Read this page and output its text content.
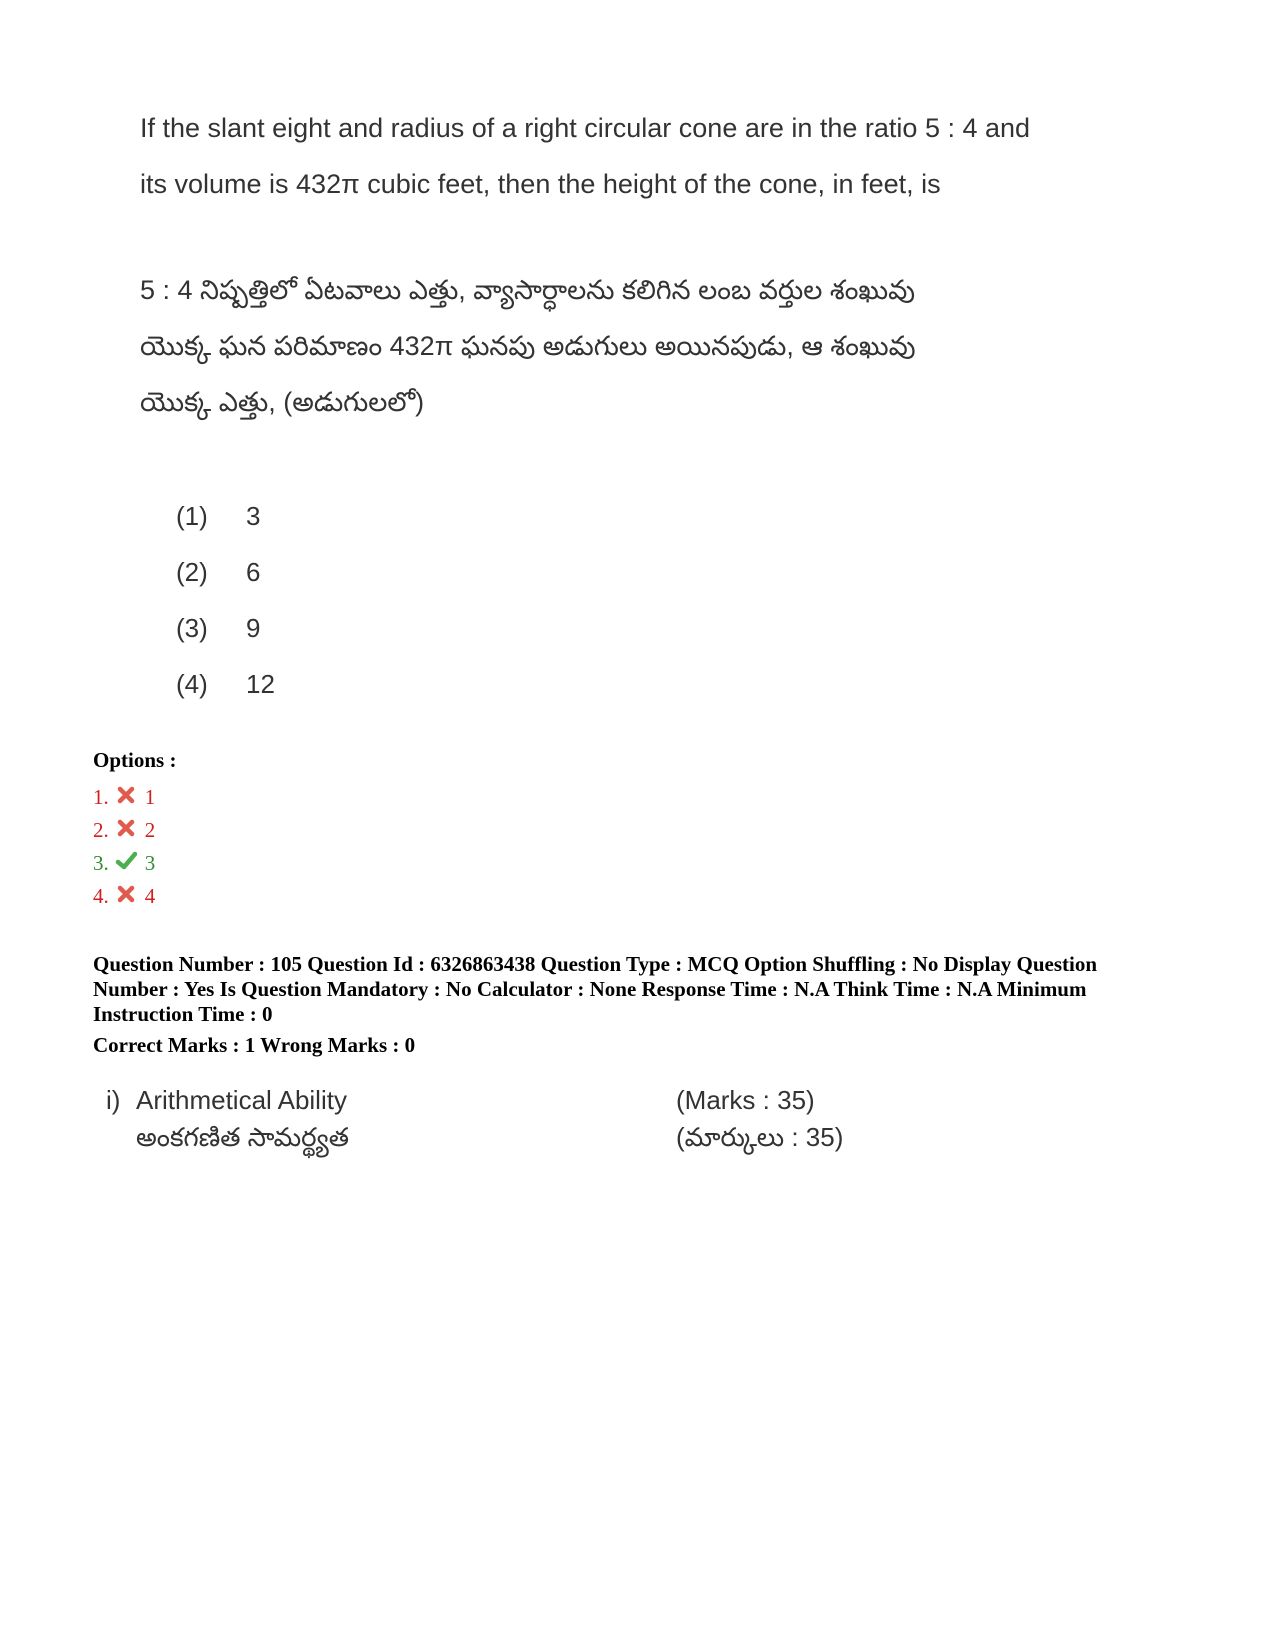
If the slant eight and radius of a right circular cone are in the ratio 5 : 4 and
its volume is 432π cubic feet, then the height of the cone, in feet, is
5 : 4 నిష్పత్తిలో ఏటవాలు ఎత్తు, వ్యాసార్ధాలను కలిగిన లంబ వర్తుల శంఖువు
యొక్క ఘన పరిమాణం 432π ఘనపు అడుగులు అయినపుడు, ఆ శంఖువు
యొక్క ఎత్తు, (అడుగులలో)
(1)	3
(2)	6
(3)	9
(4)	12
Options :
1. 1
2. 2
3. 3
4. 4
Question Number : 105 Question Id : 6326863438 Question Type : MCQ Option Shuffling : No Display Question
Number : Yes Is Question Mandatory : No Calculator : None Response Time : N.A Think Time : N.A Minimum
Instruction Time : 0
Correct Marks : 1 Wrong Marks : 0
i) Arithmetical Ability	(Marks : 35)
అంకగణిత సామర్థ్యత	(మార్కులు : 35)
